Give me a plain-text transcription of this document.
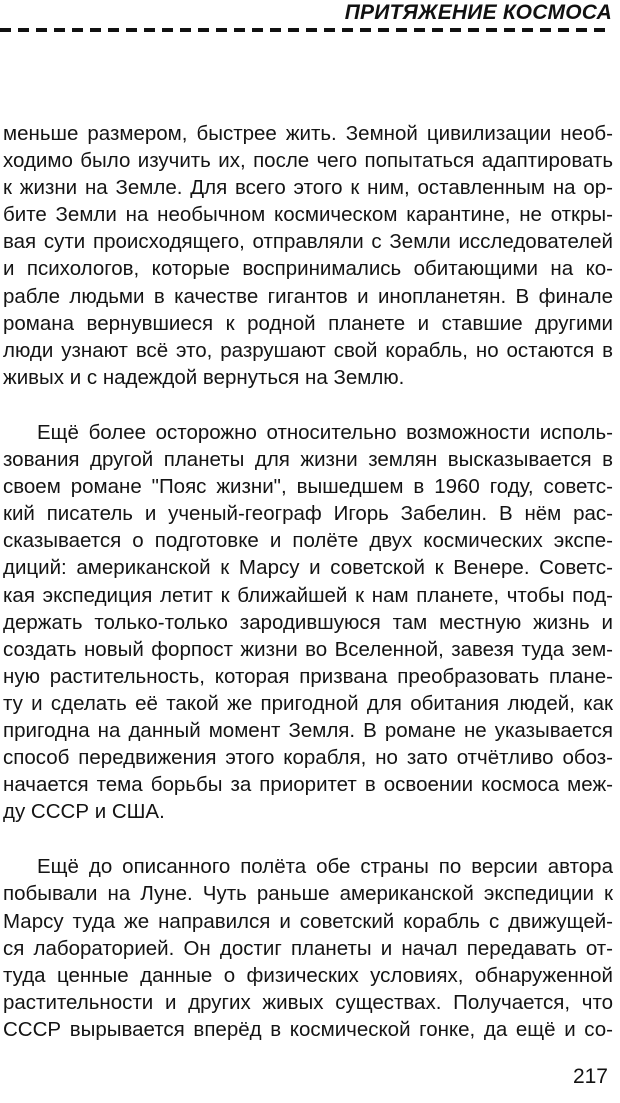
ПРИТЯЖЕНИЕ КОСМОСА

меньше размером, быстрее жить. Земной цивилизации необ-
ходимо было изучить их, после чего попытаться адаптировать
к жизни на Земле. Для всего этого к ним, оставленным на ор-
бите Земли на необычном космическом карантине, не откры-
вая сути происходящего, отправляли с Земли исследователей
и психологов, которые воспринимались обитающими на ко-
рабле людьми в качестве гигантов и инопланетян. В финале
романа вернувшиеся к родной планете и ставшие другими
люди узнают всё это, разрушают свой корабль, но остаются в
живых и с надеждой вернуться на Землю.

Ещё более осторожно относительно возможности исполь-
зования другой планеты для жизни землян высказывается в
своем романе "Пояс жизни", вышедшем в 1960 году, советс-
кий писатель и ученый-географ Игорь Забелин. В нём рас-
сказывается о подготовке и полёте двух космических экспе-
диций: американской к Марсу и советской к Венере. Советс-
кая экспедиция летит к ближайшей к нам планете, чтобы под-
держать только-только зародившуюся там местную жизнь и
создать новый форпост жизни во Вселенной, завезя туда зем-
ную растительность, которая призвана преобразовать плане-
ту и сделать её такой же пригодной для обитания людей, как
пригодна на данный момент Земля. В романе не указывается
способ передвижения этого корабля, но зато отчётливо обоз-
начается тема борьбы за приоритет в освоении космоса меж-
ду СССР и США.

Ещё до описанного полёта обе страны по версии автора
побывали на Луне. Чуть раньше американской экспедиции к
Марсу туда же направился и советский корабль с движущей-
ся лабораторией. Он достиг планеты и начал передавать от-
туда ценные данные о физических условиях, обнаруженной
растительности и других живых существах. Получается, что
СССР вырывается вперёд в космической гонке, да ещё и со-

217
